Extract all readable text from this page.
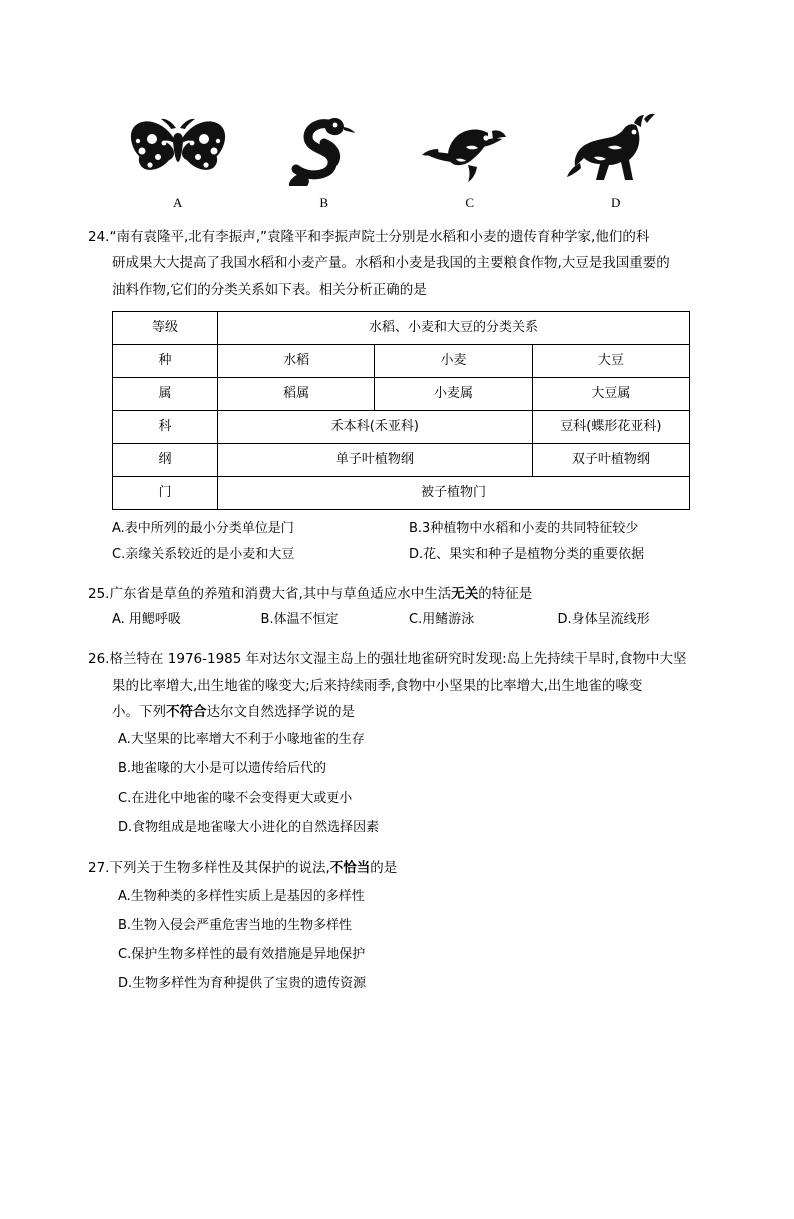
A	B	C	D
24.“南有袁隆平,北有李振声,”袁隆平和李振声院士分别是水稻和小麦的遗传育种学家,他们的科
研成果大大提高了我国水稻和小麦产量。水稻和小麦是我国的主要粮食作物,大豆是我国重要的
油料作物,它们的分类关系如下表。相关分析正确的是
等级	水稻、小麦和大豆的分类关系		
种	水稻	小麦	大豆
属	稻属	小麦属	大豆属
科	禾本科(禾亚科)		豆科(蝶形花亚科)
纲	单子叶植物纲		双子叶植物纲
门	被子植物门		
A.表中所列的最小分类单位是门	B.3种植物中水稻和小麦的共同特征较少
C.亲缘关系较近的是小麦和大豆	D.花、果实和种子是植物分类的重要依据
25.广东省是草鱼的养殖和消费大省,其中与草鱼适应水中生活无关的特征是
A. 用鳃呼吸	B.体温不恒定	C.用鳍游泳	D.身体呈流线形
26.格兰特在 1976-1985 年对达尔文湿主岛上的强壮地雀研究时发现:岛上先持续干旱时,食物中大坚
果的比率增大,出生地雀的喙变大;后来持续雨季,食物中小坚果的比率增大,出生地雀的喙变
小。下列不符合达尔文自然选择学说的是
A.大坚果的比率增大不利于小喙地雀的生存
B.地雀喙的大小是可以遗传给后代的
C.在进化中地雀的喙不会变得更大或更小
D.食物组成是地雀喙大小进化的自然选择因素
27.下列关于生物多样性及其保护的说法,不恰当的是
A.生物种类的多样性实质上是基因的多样性
B.生物入侵会严重危害当地的生物多样性
C.保护生物多样性的最有效措施是异地保护
D.生物多样性为育种提供了宝贵的遗传资源
